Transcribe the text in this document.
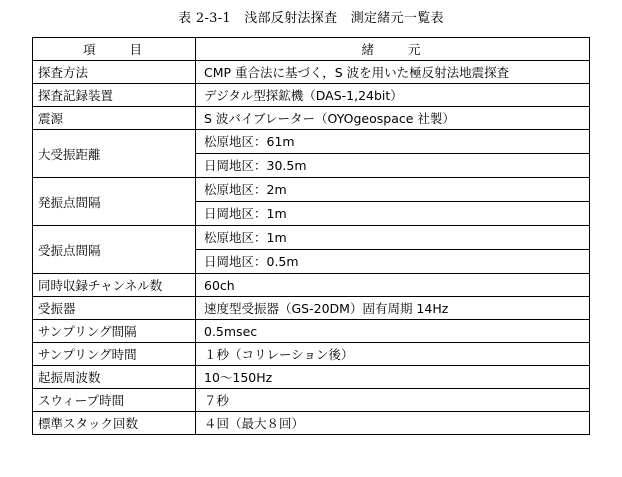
表 2-3-1　浅部反射法探査　測定緒元一覧表
項　　目	緒　　元
探査方法	CMP 重合法に基づく，S 波を用いた極反射法地震探査
探査記録装置	デジタル型探鉱機（DAS-1,24bit）
震源	S 波バイブレーター（OYOgeospace 社製）
大受振距離	松原地区：61m
日岡地区：30.5m

発振点間隔	松原地区：2m
日岡地区：1m

受振点間隔	松原地区：1m
日岡地区：0.5m

同時収録チャンネル数	60ch
受振器	速度型受振器（GS-20DM）固有周期 14Hz
サンプリング間隔	0.5msec
サンプリング時間	１秒（コリレーション後）
起振周波数	10～150Hz
スウィープ時間	７秒
標準スタック回数	４回（最大８回）
